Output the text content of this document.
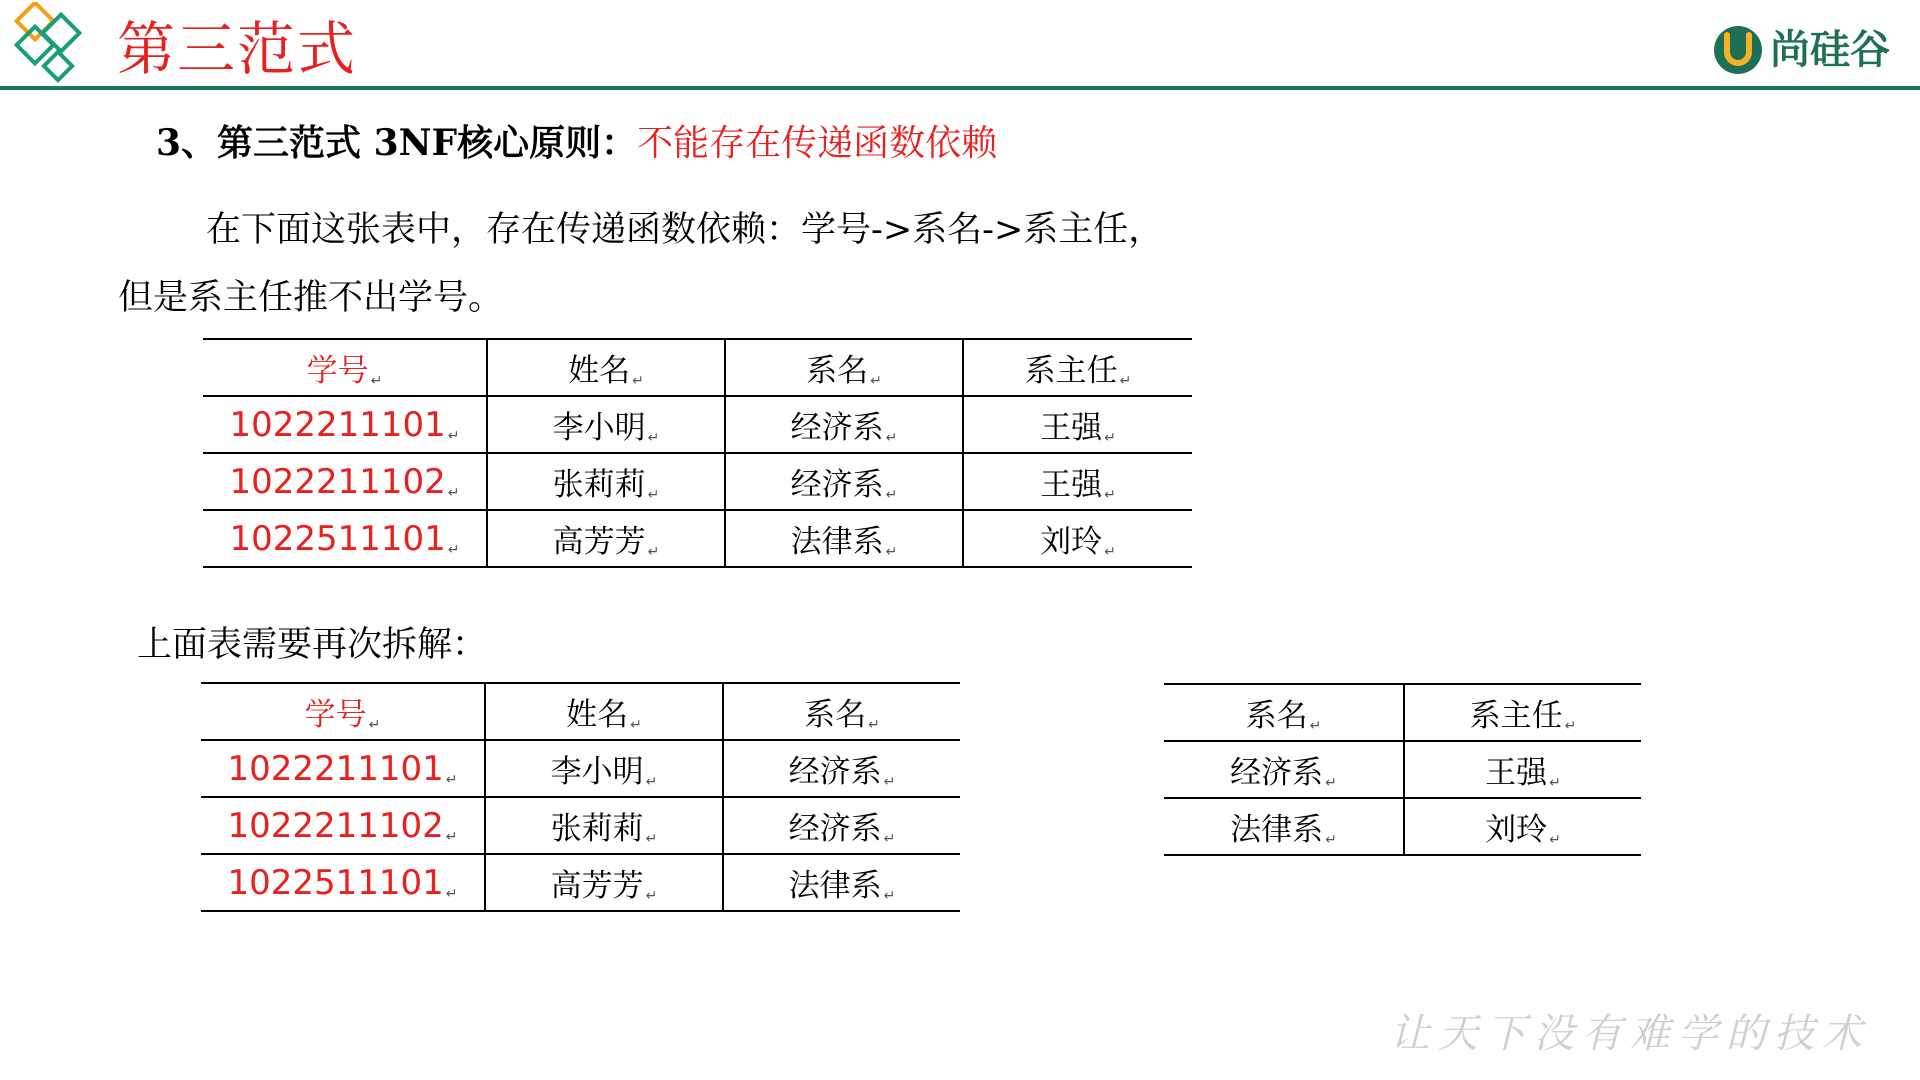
第三范式	尚硅谷
3、第三范式 3NF核心原则：不能存在传递函数依赖
在下面这张表中，存在传递函数依赖：学号->系名->系主任，
但是系主任推不出学号。
学号 ↵	姓名 ↵	系名 ↵	系主任 ↵
1022211101 ↵	李小明 ↵	经济系 ↵	王强 ↵
1022211102 ↵	张莉莉 ↵	经济系 ↵	王强 ↵
1022511101 ↵	高芳芳 ↵	法律系 ↵	刘玲 ↵
上面表需要再次拆解：
学号 ↵	姓名 ↵	系名 ↵
1022211101 ↵	李小明 ↵	经济系 ↵
1022211102 ↵	张莉莉 ↵	经济系 ↵
1022511101 ↵	高芳芳 ↵	法律系 ↵
系名 ↵	系主任 ↵
经济系 ↵	王强 ↵
法律系 ↵	刘玲 ↵
让天下没有难学的技术
